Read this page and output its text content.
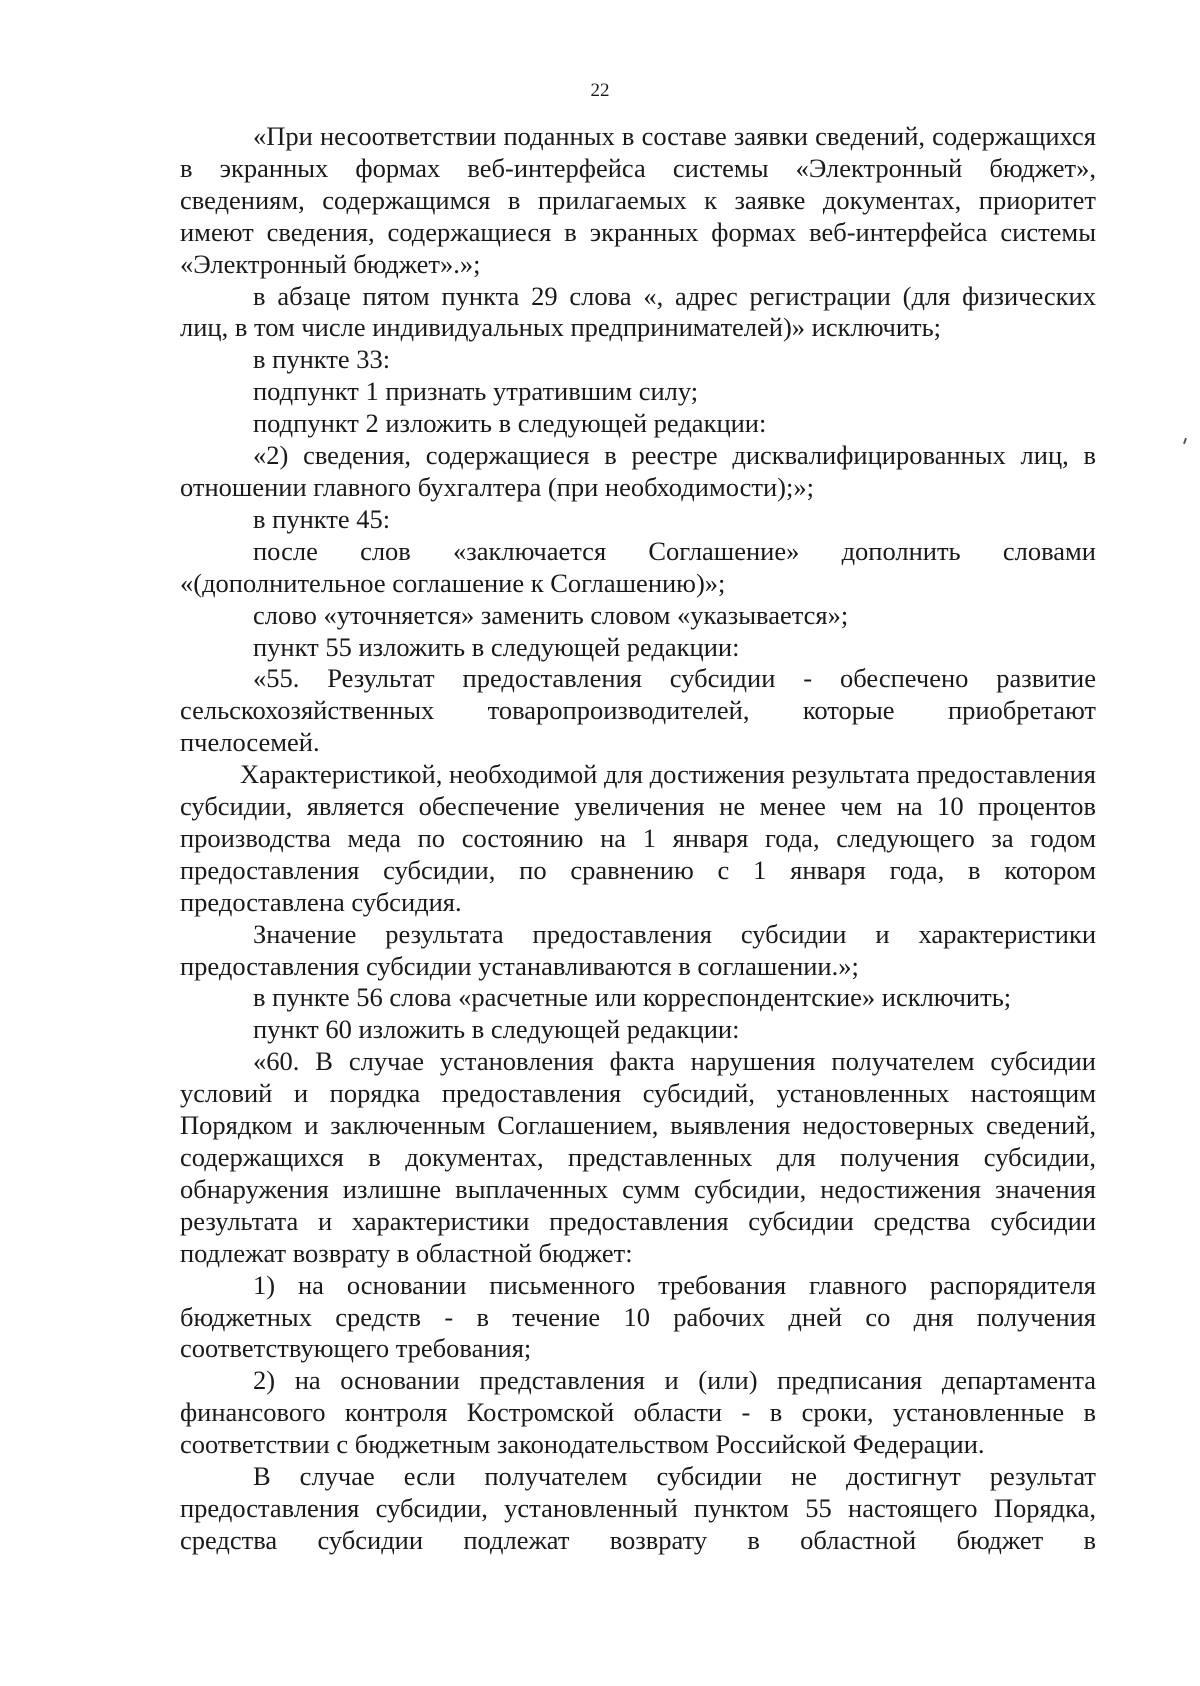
22

«При несоответствии поданных в составе заявки сведений, содержащихся в экранных формах веб-интерфейса системы «Электронный бюджет», сведениям, содержащимся в прилагаемых к заявке документах, приоритет имеют сведения, содержащиеся в экранных формах веб-интерфейса системы «Электронный бюджет».»;

в абзаце пятом пункта 29 слова «, адрес регистрации (для физических лиц, в том числе индивидуальных предпринимателей)» исключить;

в пункте 33:

подпункт 1 признать утратившим силу;

подпункт 2 изложить в следующей редакции:

«2) сведения, содержащиеся в реестре дисквалифицированных лиц, в отношении главного бухгалтера (при необходимости);»;

в пункте 45:

после слов «заключается Соглашение» дополнить словами «(дополнительное соглашение к Соглашению)»;

слово «уточняется» заменить словом «указывается»;

пункт 55 изложить в следующей редакции:

«55. Результат предоставления субсидии - обеспечено развитие сельскохозяйственных товаропроизводителей, которые приобретают пчелосемей.

Характеристикой, необходимой для достижения результата предоставления субсидии, является обеспечение увеличения не менее чем на 10 процентов производства меда по состоянию на 1 января года, следующего за годом предоставления субсидии, по сравнению с 1 января года, в котором предоставлена субсидия.

Значение результата предоставления субсидии и характеристики предоставления субсидии устанавливаются в соглашении.»;

в пункте 56 слова «расчетные или корреспондентские» исключить;

пункт 60 изложить в следующей редакции:

«60. В случае установления факта нарушения получателем субсидии условий и порядка предоставления субсидий, установленных настоящим Порядком и заключенным Соглашением, выявления недостоверных сведений, содержащихся в документах, представленных для получения субсидии, обнаружения излишне выплаченных сумм субсидии, недостижения значения результата и характеристики предоставления субсидии средства субсидии подлежат возврату в областной бюджет:

1) на основании письменного требования главного распорядителя бюджетных средств - в течение 10 рабочих дней со дня получения соответствующего требования;

2) на основании представления и (или) предписания департамента финансового контроля Костромской области - в сроки, установленные в соответствии с бюджетным законодательством Российской Федерации.

В случае если получателем субсидии не достигнут результат предоставления субсидии, установленный пунктом 55 настоящего Порядка, средства субсидии подлежат возврату в областной бюджет в
